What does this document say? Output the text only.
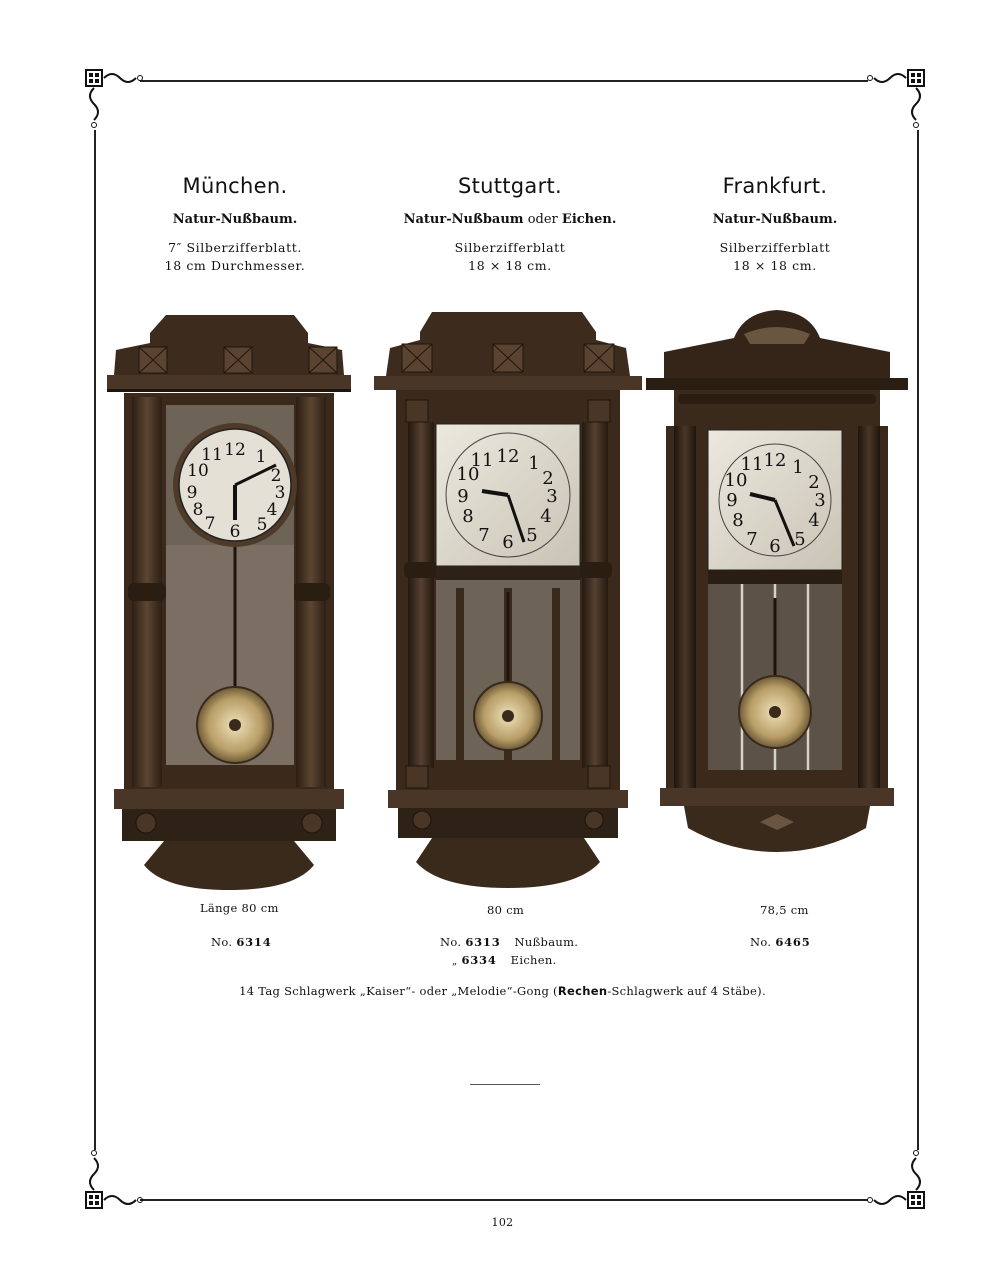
München.
Natur-Nußbaum.
7″ Silberzifferblatt.
18 cm Durchmesser.
Stuttgart.
Natur-Nußbaum oder Eichen.
Silberzifferblatt
18 × 18 cm.
Frankfurt.
Natur-Nußbaum.
Silberzifferblatt
18 × 18 cm.
12 1
2
3
4
5
6
7
8
9
10
11	12 1
2
3
4
5
6
7
8
9
10
11	12 1
2
3
4
5
6
7
8
9
10
11
Länge 80 cm	80 cm	78,5 cm
No. 6314	No. 6313 Nußbaum.
„ 6334 Eichen.
No. 6465
14 Tag Schlagwerk „Kaiser“- oder „Melodie“-Gong (Rechen-Schlagwerk auf 4 Stäbe).
102
